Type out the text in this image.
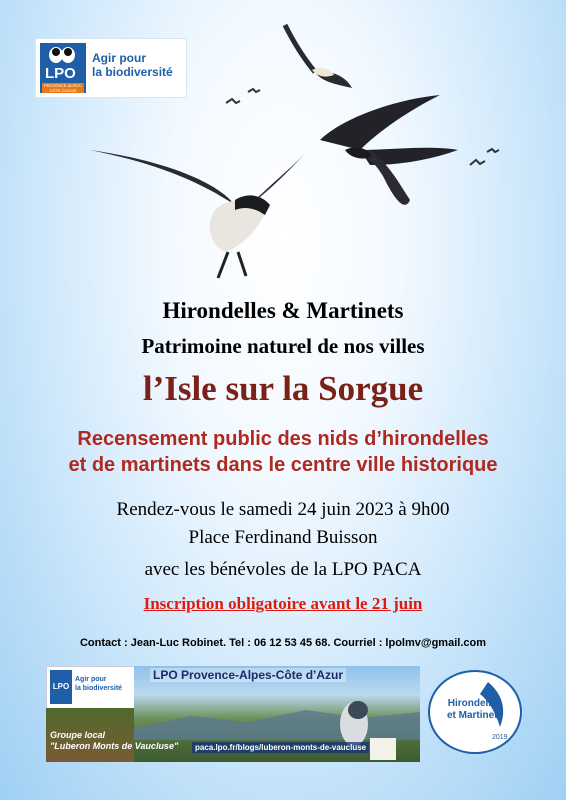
LPO
PROVENCE-ALPES-CÔTE D'AZUR
Agir pour
la biodiversité
Hirondelles & Martinets
Patrimoine naturel de nos villes
l’Isle sur la Sorgue
Recensement public des nids d’hirondelles
et de martinets dans le centre ville historique
Rendez-vous le samedi 24 juin 2023 à 9h00
Place Ferdinand Buisson
avec les bénévoles de la LPO PACA
Inscription obligatoire avant le 21 juin
Contact : Jean-Luc Robinet. Tel : 06 12 53 45 68. Courriel : lpolmv@gmail.com
LPO
Agir pour
la biodiversité
LPO Provence-Alpes-Côte d’Azur
Groupe local
"Luberon Monts de Vaucluse"	paca.lpo.fr/blogs/luberon-monts-de-vaucluse
Hirondelles
et Martinets
2019
